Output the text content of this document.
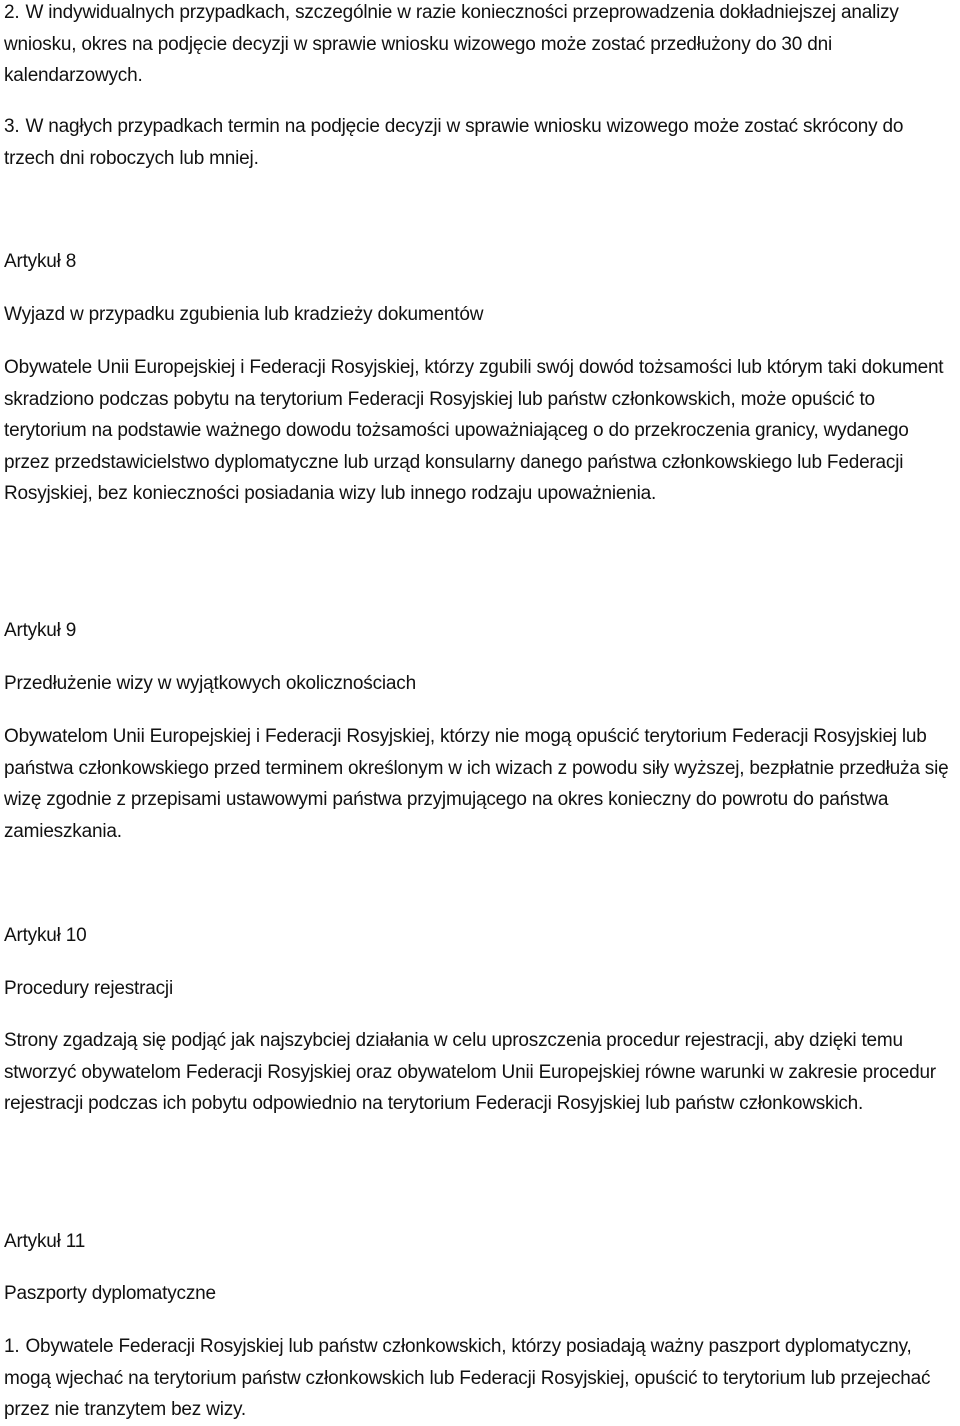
2. W indywidualnych przypadkach, szczególnie w razie konieczności przeprowadzenia dokładniejszej analizy wniosku, okres na podjęcie decyzji w sprawie wniosku wizowego może zostać przedłużony do 30 dni kalendarzowych.

3. W nagłych przypadkach termin na podjęcie decyzji w sprawie wniosku wizowego może zostać skrócony do trzech dni roboczych lub mniej.

Artykuł 8

Wyjazd w przypadku zgubienia lub kradzieży dokumentów

Obywatele Unii Europejskiej i Federacji Rosyjskiej, którzy zgubili swój dowód tożsamości lub którym taki dokument skradziono podczas pobytu na terytorium Federacji Rosyjskiej lub państw członkowskich, może opuścić to terytorium na podstawie ważnego dowodu tożsamości upoważniająceg o do przekroczenia granicy, wydanego przez przedstawicielstwo dyplomatyczne lub urząd konsularny danego państwa członkowskiego lub Federacji Rosyjskiej, bez konieczności posiadania wizy lub innego rodzaju upoważnienia.

Artykuł 9

Przedłużenie wizy w wyjątkowych okolicznościach

Obywatelom Unii Europejskiej i Federacji Rosyjskiej, którzy nie mogą opuścić terytorium Federacji Rosyjskiej lub państwa członkowskiego przed terminem określonym w ich wizach z powodu siły wyższej, bezpłatnie przedłuża się wizę zgodnie z przepisami ustawowymi państwa przyjmującego na okres konieczny do powrotu do państwa zamieszkania.

Artykuł 10

Procedury rejestracji

Strony zgadzają się podjąć jak najszybciej działania w celu uproszczenia procedur rejestracji, aby dzięki temu stworzyć obywatelom Federacji Rosyjskiej oraz obywatelom Unii Europejskiej równe warunki w zakresie procedur rejestracji podczas ich pobytu odpowiednio na terytorium Federacji Rosyjskiej lub państw członkowskich.

Artykuł 11

Paszporty dyplomatyczne

1. Obywatele Federacji Rosyjskiej lub państw członkowskich, którzy posiadają ważny paszport dyplomatyczny, mogą wjechać na terytorium państw członkowskich lub Federacji Rosyjskiej, opuścić to terytorium lub przejechać przez nie tranzytem bez wizy.
